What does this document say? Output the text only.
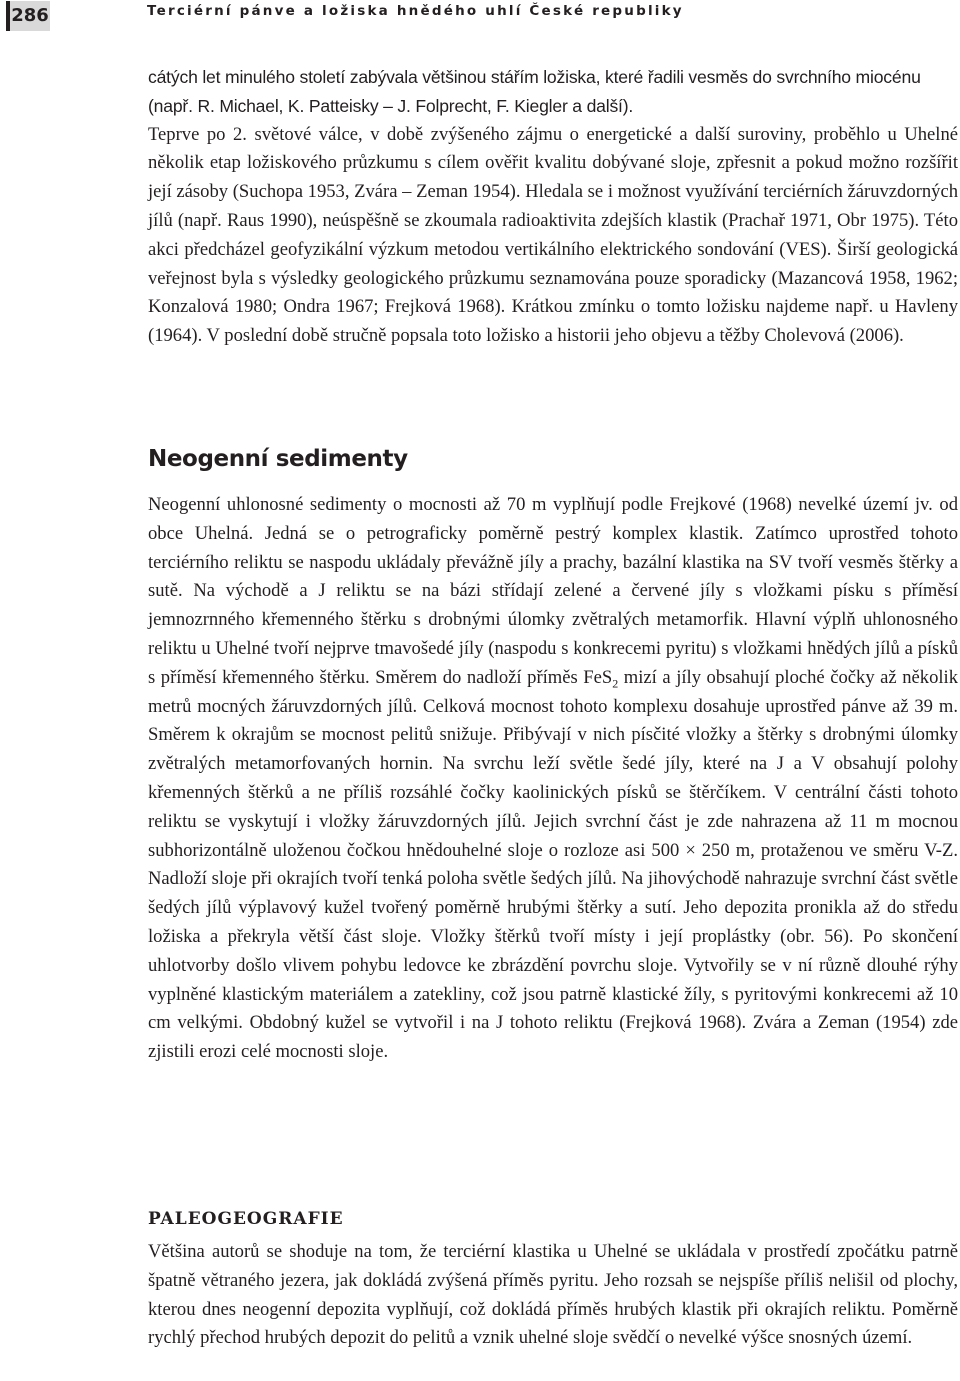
286	Terciérní pánve a ložiska hnědého uhlí České republiky

cátých let minulého století zabývala většinou stářím ložiska, které řadili vesměs do svrchního miocénu (např. R. Michael, K. Patteisky – J. Folprecht, F. Kiegler a další).

Teprve po 2. světové válce, v době zvýšeného zájmu o energetické a další suroviny, proběhlo u Uhelné několik etap ložiskového průzkumu s cílem ověřit kvalitu dobývané sloje, zpřesnit a pokud možno rozšířit její zásoby (Suchopa 1953, Zvára – Zeman 1954). Hledala se i možnost využívání terciérních žáruvzdorných jílů (např. Raus 1990), neúspěšně se zkoumala radioaktivita zdejších klastik (Prachař 1971, Obr 1975). Této akci předcházel geofyzikální výzkum metodou vertikálního elektrického sondování (VES). Širší geologická veřejnost byla s výsledky geologického průzkumu seznamována pouze sporadicky (Mazancová 1958, 1962; Konzalová 1980; Ondra 1967; Frejková 1968). Krátkou zmínku o tomto ložisku najdeme např. u Havleny (1964). V poslední době stručně popsala toto ložisko a historii jeho objevu a těžby Cholevová (2006).

Neogenní sedimenty

Neogenní uhlonosné sedimenty o mocnosti až 70 m vyplňují podle Frejkové (1968) nevelké území jv. od obce Uhelná. Jedná se o petrograficky poměrně pestrý komplex klastik. Zatímco uprostřed tohoto terciérního reliktu se naspodu ukládaly převážně jíly a prachy, bazální klastika na SV tvoří vesměs štěrky a sutě. Na východě a J reliktu se na bázi střídají zelené a červené jíly s vložkami písku s příměsí jemnozrnného křemenného štěrku s drobnými úlomky zvětralých metamorfik. Hlavní výplň uhlonosného reliktu u Uhelné tvoří nejprve tmavošedé jíly (naspodu s konkrecemi pyritu) s vložkami hnědých jílů a písků s příměsí křemenného štěrku. Směrem do nadloží příměs FeS$_2$ mizí a jíly obsahují ploché čočky až několik metrů mocných žáruvzdorných jílů. Celková mocnost tohoto komplexu dosahuje uprostřed pánve až 39 m. Směrem k okrajům se mocnost pelitů snižuje. Přibývají v nich písčité vložky a štěrky s drobnými úlomky zvětralých metamorfovaných hornin. Na svrchu leží světle šedé jíly, které na J a V obsahují polohy křemenných štěrků a ne příliš rozsáhlé čočky kaolinických písků se štěrčíkem. V centrální části tohoto reliktu se vyskytují i vložky žáruvzdorných jílů. Jejich svrchní část je zde nahrazena až 11 m mocnou subhorizontálně uloženou čočkou hnědouhelné sloje o rozloze asi 500 × 250 m, protaženou ve směru V-Z. Nadloží sloje při okrajích tvoří tenká poloha světle šedých jílů. Na jihovýchodě nahrazuje svrchní část světle šedých jílů výplavový kužel tvořený poměrně hrubými štěrky a sutí. Jeho depozita pronikla až do středu ložiska a překryla větší část sloje. Vložky štěrků tvoří místy i její proplástky (obr. 56). Po skončení uhlotvorby došlo vlivem pohybu ledovce ke zbrázdění povrchu sloje. Vytvořily se v ní různě dlouhé rýhy vyplněné klastickým materiálem a zatekliny, což jsou patrně klastické žíly, s pyritovými konkrecemi až 10 cm velkými. Obdobný kužel se vytvořil i na J tohoto reliktu (Frejková 1968). Zvára a Zeman (1954) zde zjistili erozi celé mocnosti sloje.

PALEOGEOGRAFIE

Většina autorů se shoduje na tom, že terciérní klastika u Uhelné se ukládala v prostředí zpočátku patrně špatně větraného jezera, jak dokládá zvýšená příměs pyritu. Jeho rozsah se nejspíše příliš nelišil od plochy, kterou dnes neogenní depozita vyplňují, což dokládá příměs hrubých klastik při okrajích reliktu. Poměrně rychlý přechod hrubých depozit do pelitů a vznik uhelné sloje svědčí o nevelké výšce snosných území.
